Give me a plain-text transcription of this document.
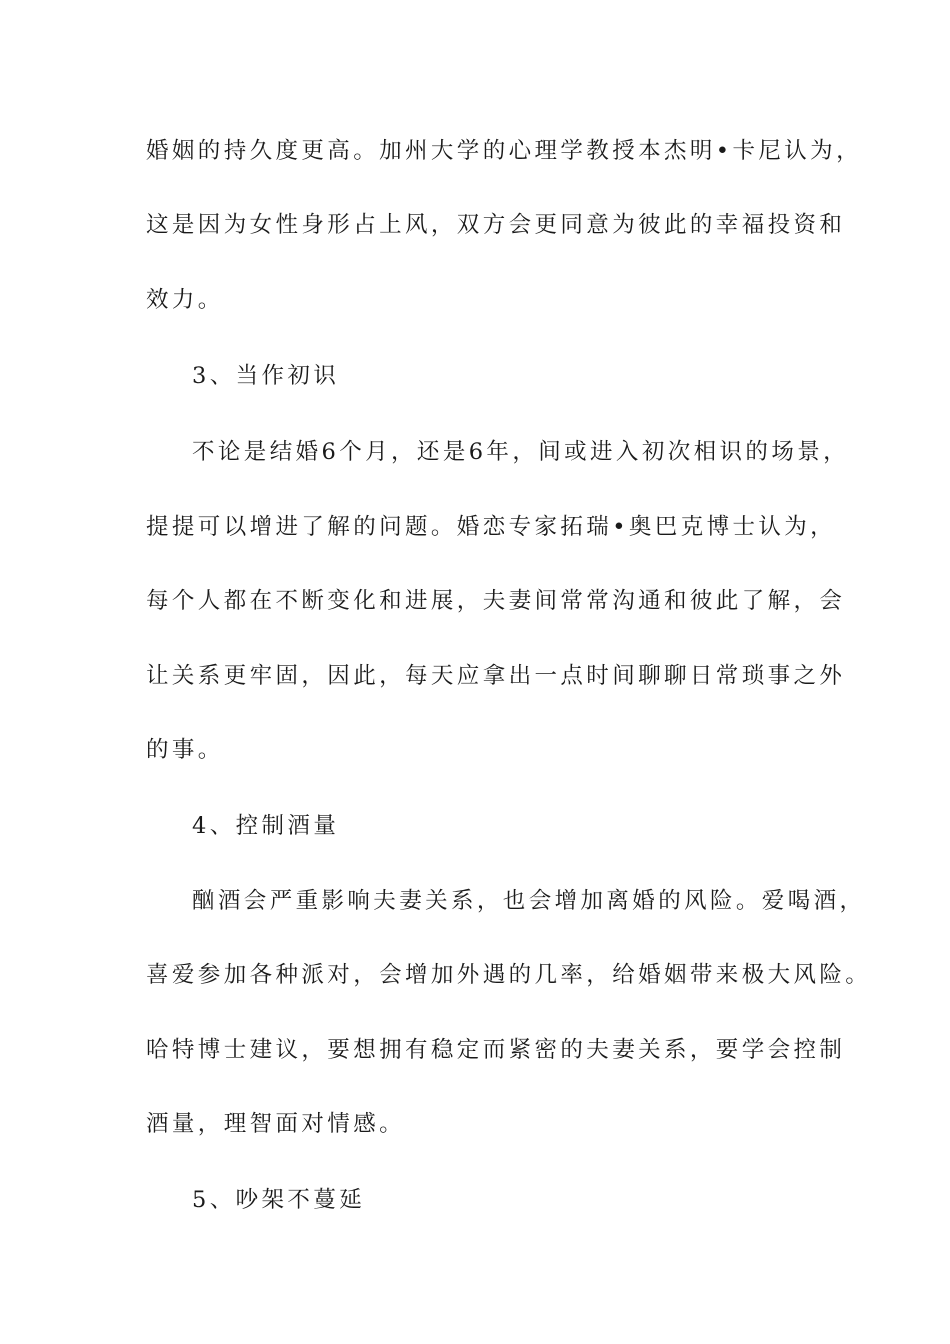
婚姻的持久度更高。加州大学的心理学教授本杰明•卡尼认为，
这是因为女性身形占上风，双方会更同意为彼此的幸福投资和
效力。
3、当作初识
不论是结婚6个月，还是6年，间或进入初次相识的场景，
提提可以增进了解的问题。婚恋专家拓瑞•奥巴克博士认为，
每个人都在不断变化和进展，夫妻间常常沟通和彼此了解，会
让关系更牢固，因此，每天应拿出一点时间聊聊日常琐事之外
的事。
4、控制酒量
酗酒会严重影响夫妻关系，也会增加离婚的风险。爱喝酒，
喜爱参加各种派对，会增加外遇的几率，给婚姻带来极大风险。
哈特博士建议，要想拥有稳定而紧密的夫妻关系，要学会控制
酒量，理智面对情感。
5、吵架不蔓延
